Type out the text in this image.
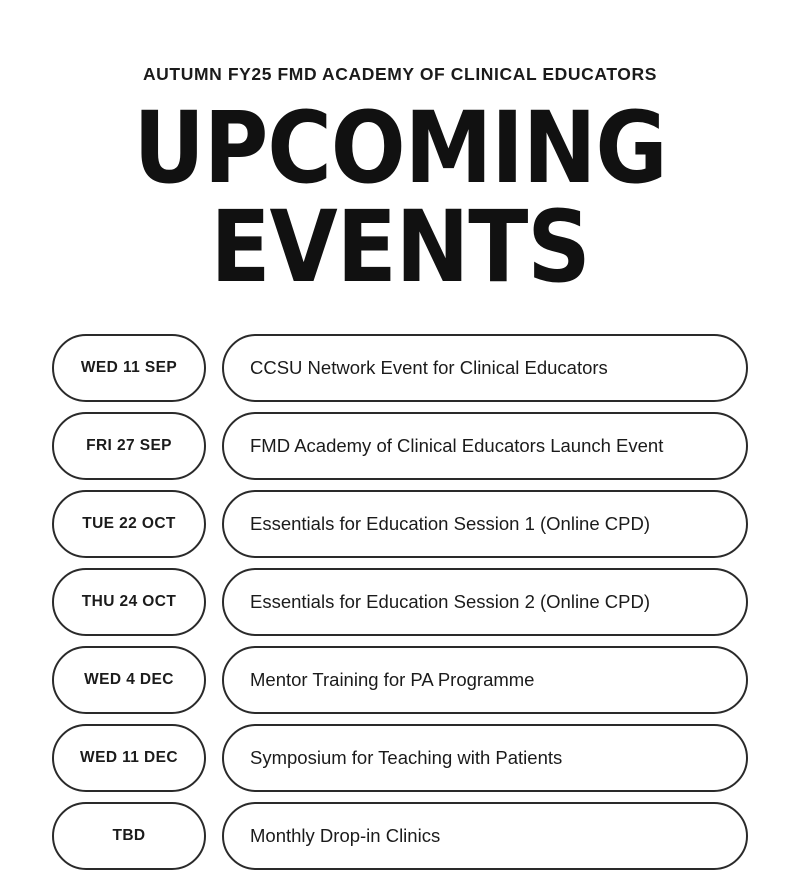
AUTUMN FY25 FMD ACADEMY OF CLINICAL EDUCATORS
UPCOMING EVENTS
WED 11 SEP	CCSU Network Event for Clinical Educators
FRI 27 SEP	FMD Academy of Clinical Educators Launch Event
TUE 22 OCT	Essentials for Education Session 1 (Online CPD)
THU 24 OCT	Essentials for Education Session 2 (Online CPD)
WED 4 DEC	Mentor Training for PA Programme
WED 11 DEC	Symposium for Teaching with Patients
TBD	Monthly Drop-in Clinics
